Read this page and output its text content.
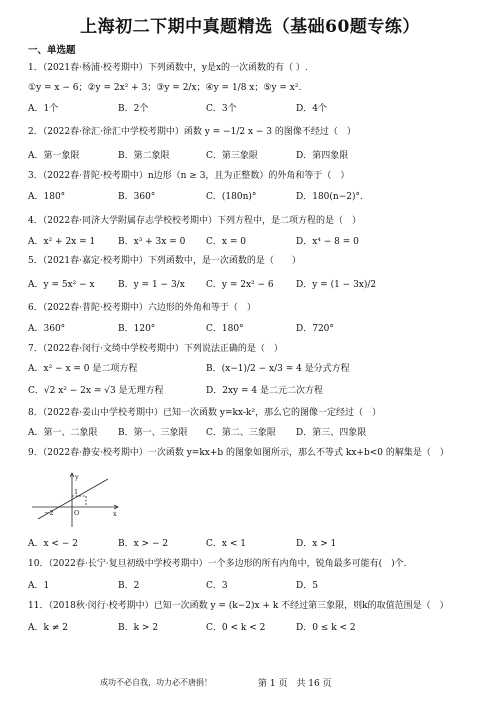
上海初二下期中真题精选（基础60题专练）
一、单选题
1．（2021春·杨浦·校考期中）下列函数中，y是x的一次函数的有（ ）.
①y = x − 6；②y = 2x² + 3；③y = 2/x；④y = 1/8 x；⑤y = x².
A．1个	B．2个	C．3个	D．4个
2．（2022春·徐汇·徐汇中学校考期中）函数 y = −1/2 x − 3 的图像不经过（　）
A．第一象限	B．第二象限	C．第三象限	D．第四象限
3．（2022春·普陀·校考期中）n边形（n ≥ 3，且为正整数）的外角和等于（　）
A．180°	B．360°	C．(180n)°	D．180(n−2)°.
4．（2022春·同济大学附属存志学校校考期中）下列方程中，是二项方程的是（　）
A．x² + 2x = 1	B．x³ + 3x = 0 C．x = 0	D．x⁴ − 8 = 0
5．（2021春·嘉定·校考期中）下列函数中，是一次函数的是（　　）
A．y = 5x² − x	B．y = 1 − 3/x C．y = 2x² − 6 D．y = (1 − 3x)/2
6．（2022春·普陀·校考期中）六边形的外角和等于（　）
A．360°	B．120°	C．180°	D．720°
7．（2022春·闵行·文绮中学校考期中）下列说法正确的是（　）
A．x² − x = 0 是二项方程	B．(x−1)/2 − x/3 = 4 是分式方程
C．√2 x² − 2x = √3 是无理方程	D．2xy = 4 是二元二次方程
8．（2022春·姜山中学校考期中）已知一次函数 y=kx-k²，那么它的图像一定经过（　）
A．第一、二象限 B．第一、三象限 C．第二、三象限 D．第三、四象限
9．（2022春·静安·校考期中）一次函数 y=kx+b 的图象如图所示，那么不等式 kx+b<0 的解集是（　）
y
x
O
−2
1
A．x < − 2	B．x > − 2	C．x < 1	D．x > 1
10．（2022春·长宁·复旦初级中学校考期中）一个多边形的所有内角中，锐角最多可能有(　)个.
A．1	B．2	C．3	D．5
11．（2018秋·闵行·校考期中）已知一次函数 y = (k−2)x + k 不经过第三象限，则k的取值范围是（　）
A．k ≠ 2	B．k > 2	C．0 < k < 2	D．0 ≤ k < 2
成功不必自我，功力必不唐捐！	第 1 页　共 16 页
